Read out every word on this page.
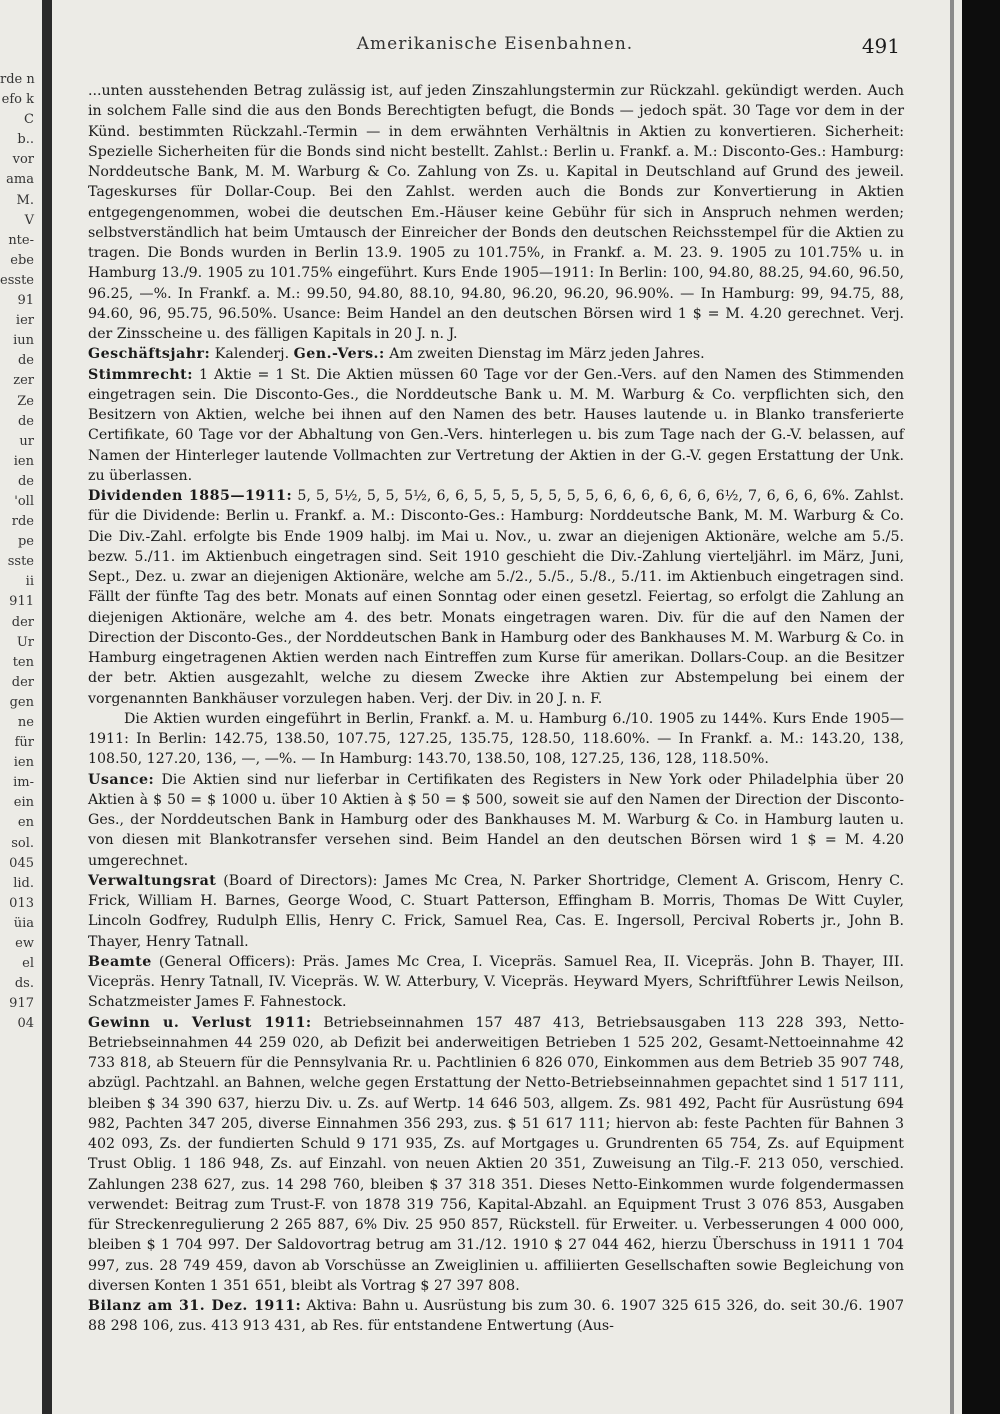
rde n
efo k
C
b..
vor
ama
M.
V
nte-
ebe
esste
91
ier
iun
de
zer
Ze
de
ur
ien
de
'oll
rde
pe
sste
ii
911
der
Ur
ten
der
gen
ne
für
ien
im-
ein
en
sol.
045
lid.
013
üia
ew
el
ds.
917
04

Amerikanische Eisenbahnen.	491

...unten ausstehenden Betrag zulässig ist, auf jeden Zinszahlungstermin zur Rückzahl. gekündigt werden. Auch in solchem Falle sind die aus den Bonds Berechtigten befugt, die Bonds — jedoch spät. 30 Tage vor dem in der Künd. bestimmten Rückzahl.-Termin — in dem erwähnten Verhältnis in Aktien zu konvertieren. Sicherheit: Spezielle Sicherheiten für die Bonds sind nicht bestellt. Zahlst.: Berlin u. Frankf. a. M.: Disconto-Ges.: Hamburg: Norddeutsche Bank, M. M. Warburg & Co. Zahlung von Zs. u. Kapital in Deutschland auf Grund des jeweil. Tageskurses für Dollar-Coup. Bei den Zahlst. werden auch die Bonds zur Konvertierung in Aktien entgegengenommen, wobei die deutschen Em.-Häuser keine Gebühr für sich in Anspruch nehmen werden; selbstverständlich hat beim Umtausch der Einreicher der Bonds den deutschen Reichsstempel für die Aktien zu tragen. Die Bonds wurden in Berlin 13.9. 1905 zu 101.75%, in Frankf. a. M. 23. 9. 1905 zu 101.75% u. in Hamburg 13./9. 1905 zu 101.75% eingeführt. Kurs Ende 1905—1911: In Berlin: 100, 94.80, 88.25, 94.60, 96.50, 96.25, —%. In Frankf. a. M.: 99.50, 94.80, 88.10, 94.80, 96.20, 96.20, 96.90%. — In Hamburg: 99, 94.75, 88, 94.60, 96, 95.75, 96.50%. Usance: Beim Handel an den deutschen Börsen wird 1 $ = M. 4.20 gerechnet. Verj. der Zinsscheine u. des fälligen Kapitals in 20 J. n. J.

Geschäftsjahr: Kalenderj. Gen.-Vers.: Am zweiten Dienstag im März jeden Jahres.

Stimmrecht: 1 Aktie = 1 St. Die Aktien müssen 60 Tage vor der Gen.-Vers. auf den Namen des Stimmenden eingetragen sein. Die Disconto-Ges., die Norddeutsche Bank u. M. M. Warburg & Co. verpflichten sich, den Besitzern von Aktien, welche bei ihnen auf den Namen des betr. Hauses lautende u. in Blanko transferierte Certifikate, 60 Tage vor der Abhaltung von Gen.-Vers. hinterlegen u. bis zum Tage nach der G.-V. belassen, auf Namen der Hinterleger lautende Vollmachten zur Vertretung der Aktien in der G.-V. gegen Erstattung der Unk. zu überlassen.

Dividenden 1885—1911: 5, 5, 5½, 5, 5, 5½, 6, 6, 5, 5, 5, 5, 5, 5, 5, 6, 6, 6, 6, 6, 6, 6½, 7, 6, 6, 6, 6%. Zahlst. für die Dividende: Berlin u. Frankf. a. M.: Disconto-Ges.: Hamburg: Norddeutsche Bank, M. M. Warburg & Co. Die Div.-Zahl. erfolgte bis Ende 1909 halbj. im Mai u. Nov., u. zwar an diejenigen Aktionäre, welche am 5./5. bezw. 5./11. im Aktienbuch eingetragen sind. Seit 1910 geschieht die Div.-Zahlung vierteljährl. im März, Juni, Sept., Dez. u. zwar an diejenigen Aktionäre, welche am 5./2., 5./5., 5./8., 5./11. im Aktienbuch eingetragen sind. Fällt der fünfte Tag des betr. Monats auf einen Sonntag oder einen gesetzl. Feiertag, so erfolgt die Zahlung an diejenigen Aktionäre, welche am 4. des betr. Monats eingetragen waren. Div. für die auf den Namen der Direction der Disconto-Ges., der Norddeutschen Bank in Hamburg oder des Bankhauses M. M. Warburg & Co. in Hamburg eingetragenen Aktien werden nach Eintreffen zum Kurse für amerikan. Dollars-Coup. an die Besitzer der betr. Aktien ausgezahlt, welche zu diesem Zwecke ihre Aktien zur Abstempelung bei einem der vorgenannten Bankhäuser vorzulegen haben. Verj. der Div. in 20 J. n. F.

Die Aktien wurden eingeführt in Berlin, Frankf. a. M. u. Hamburg 6./10. 1905 zu 144%. Kurs Ende 1905—1911: In Berlin: 142.75, 138.50, 107.75, 127.25, 135.75, 128.50, 118.60%. — In Frankf. a. M.: 143.20, 138, 108.50, 127.20, 136, —, —%. — In Hamburg: 143.70, 138.50, 108, 127.25, 136, 128, 118.50%.

Usance: Die Aktien sind nur lieferbar in Certifikaten des Registers in New York oder Philadelphia über 20 Aktien à $ 50 = $ 1000 u. über 10 Aktien à $ 50 = $ 500, soweit sie auf den Namen der Direction der Disconto-Ges., der Norddeutschen Bank in Hamburg oder des Bankhauses M. M. Warburg & Co. in Hamburg lauten u. von diesen mit Blankotransfer versehen sind. Beim Handel an den deutschen Börsen wird 1 $ = M. 4.20 umgerechnet.

Verwaltungsrat (Board of Directors): James Mc Crea, N. Parker Shortridge, Clement A. Griscom, Henry C. Frick, William H. Barnes, George Wood, C. Stuart Patterson, Effingham B. Morris, Thomas De Witt Cuyler, Lincoln Godfrey, Rudulph Ellis, Henry C. Frick, Samuel Rea, Cas. E. Ingersoll, Percival Roberts jr., John B. Thayer, Henry Tatnall.

Beamte (General Officers): Präs. James Mc Crea, I. Vicepräs. Samuel Rea, II. Vicepräs. John B. Thayer, III. Vicepräs. Henry Tatnall, IV. Vicepräs. W. W. Atterbury, V. Vicepräs. Heyward Myers, Schriftführer Lewis Neilson, Schatzmeister James F. Fahnestock.

Gewinn u. Verlust 1911: Betriebseinnahmen 157 487 413, Betriebsausgaben 113 228 393, Netto-Betriebseinnahmen 44 259 020, ab Defizit bei anderweitigen Betrieben 1 525 202, Gesamt-Nettoeinnahme 42 733 818, ab Steuern für die Pennsylvania Rr. u. Pachtlinien 6 826 070, Einkommen aus dem Betrieb 35 907 748, abzügl. Pachtzahl. an Bahnen, welche gegen Erstattung der Netto-Betriebseinnahmen gepachtet sind 1 517 111, bleiben $ 34 390 637, hierzu Div. u. Zs. auf Wertp. 14 646 503, allgem. Zs. 981 492, Pacht für Ausrüstung 694 982, Pachten 347 205, diverse Einnahmen 356 293, zus. $ 51 617 111; hiervon ab: feste Pachten für Bahnen 3 402 093, Zs. der fundierten Schuld 9 171 935, Zs. auf Mortgages u. Grundrenten 65 754, Zs. auf Equipment Trust Oblig. 1 186 948, Zs. auf Einzahl. von neuen Aktien 20 351, Zuweisung an Tilg.-F. 213 050, verschied. Zahlungen 238 627, zus. 14 298 760, bleiben $ 37 318 351. Dieses Netto-Einkommen wurde folgendermassen verwendet: Beitrag zum Trust-F. von 1878 319 756, Kapital-Abzahl. an Equipment Trust 3 076 853, Ausgaben für Streckenregulierung 2 265 887, 6% Div. 25 950 857, Rückstell. für Erweiter. u. Verbesserungen 4 000 000, bleiben $ 1 704 997. Der Saldovortrag betrug am 31./12. 1910 $ 27 044 462, hierzu Überschuss in 1911 1 704 997, zus. 28 749 459, davon ab Vorschüsse an Zweiglinien u. affiliierten Gesellschaften sowie Begleichung von diversen Konten 1 351 651, bleibt als Vortrag $ 27 397 808.

Bilanz am 31. Dez. 1911: Aktiva: Bahn u. Ausrüstung bis zum 30. 6. 1907 325 615 326, do. seit 30./6. 1907 88 298 106, zus. 413 913 431, ab Res. für entstandene Entwertung (Aus-
